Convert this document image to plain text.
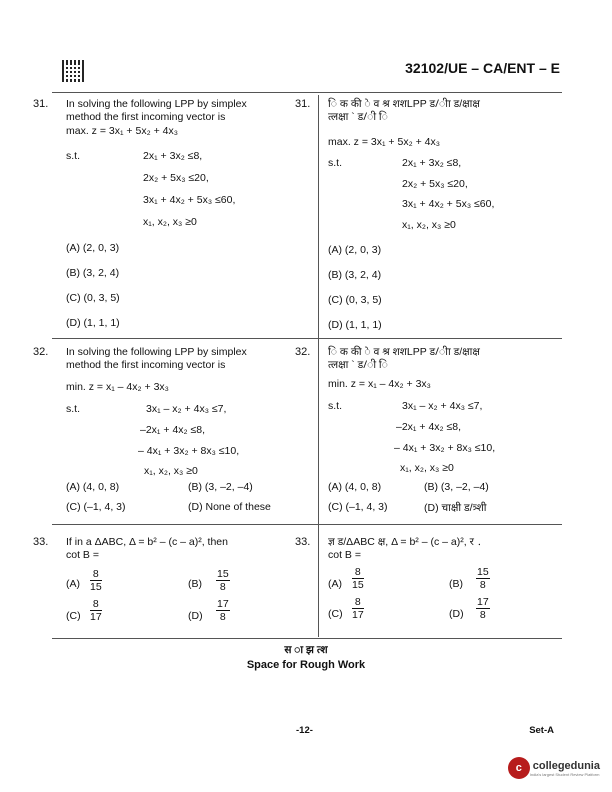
32102/UE – CA/ENT – E
31. In solving the following LPP by simplex
method the first incoming vector is
max. z = 3x₁ + 5x₂ + 4x₃
s.t.	2x₁ + 3x₂ ≤8,
2x₂ + 5x₃ ≤20,
3x₁ + 4x₂ + 5x₃ ≤60,
x₁, x₂, x₃ ≥0
(A) (2, 0, 3)
(B) (3, 2, 4)
(C) (0, 3, 5)
(D) (1, 1, 1)
31. ि क की े व श्र शशLPP ड/ीा ड/क्षाक्ष
त्लक्षा ` ड/ी ि
max. z = 3x₁ + 5x₂ + 4x₃
s.t.	2x₁ + 3x₂ ≤8,
2x₂ + 5x₃ ≤20,
3x₁ + 4x₂ + 5x₃ ≤60,
x₁, x₂, x₃ ≥0
(A) (2, 0, 3)
(B) (3, 2, 4)
(C) (0, 3, 5)
(D) (1, 1, 1)
32. In solving the following LPP by simplex
method the first incoming vector is
min. z = x₁ – 4x₂ + 3x₃
s.t.	3x₁ – x₂ + 4x₃ ≤7,
–2x₁ + 4x₂ ≤8,
– 4x₁ + 3x₂ + 8x₃ ≤10,
x₁, x₂, x₃ ≥0
(A) (4, 0, 8)	(B) (3, –2, –4)
(C) (–1, 4, 3)	(D) None of these
32. ि क की े व श्र शशLPP ड/ीा ड/क्षाक्ष
त्लक्षा ` ड/ी ि
min. z = x₁ – 4x₂ + 3x₃
s.t.	3x₁ – x₂ + 4x₃ ≤7,
–2x₁ + 4x₂ ≤8,
– 4x₁ + 3x₂ + 8x₃ ≤10,
x₁, x₂, x₃ ≥0
(A) (4, 0, 8)	(B) (3, –2, –4)
(C) (–1, 4, 3)	(D) चाक्षी ड/त्र्शी
33. If in a ΔABC, Δ = b² – (c – a)², then
cot B =
$(A) \frac{8}{15}$	$(B) \frac{15}{8}$
$(C) \frac{8}{17}$	$(D) \frac{17}{8}$
33. ज्ञ ड/ΔABC क्ष, Δ = b² – (c – a)², र ․
cot B =
$(A) \frac{8}{15}$	$(B) \frac{15}{8}$
$(C) \frac{8}{17}$	$(D) \frac{17}{8}$
स ा झ त्श
Space for Rough Work
-12-	Set-A
c collegedunia
India's largest Student Review Platform
